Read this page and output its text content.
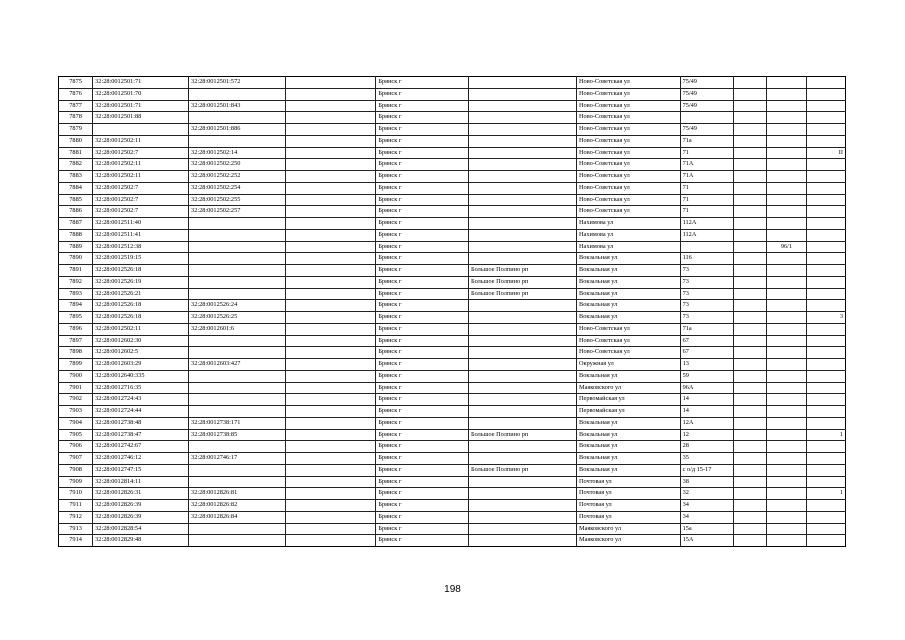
7875	32:28:0012501:71	32:28:0012501:572		Брянск г		Ново-Советская ул	75/49			
7876	32:28:0012501:70			Брянск г		Ново-Советская ул	75/49			
7877	32:28:0012501:71	32:28:0012501:843		Брянск г		Ново-Советская ул	75/49			
7878	32:28:0012501:88			Брянск г		Ново-Советская ул				
7879		32:28:0012501:886		Брянск г		Ново-Советская ул	75/49			
7880	32:28:0012502:11			Брянск г		Ново-Советская ул	71а			
7881	32:28:0012502:7	32:28:0012502:14		Брянск г		Ново-Советская ул	71			II
7882	32:28:0012502:11	32:28:0012502:250		Брянск г		Ново-Советская ул	71А			
7883	32:28:0012502:11	32:28:0012502:252		Брянск г		Ново-Советская ул	71А			
7884	32:28:0012502:7	32:28:0012502:254		Брянск г		Ново-Советская ул	71			
7885	32:28:0012502:7	32:28:0012502:255		Брянск г		Ново-Советская ул	71			
7886	32:28:0012502:7	32:28:0012502:257		Брянск г		Ново-Советская ул	71			
7887	32:28:0012511:40			Брянск г		Нахимова ул	112А			
7888	32:28:0012511:41			Брянск г		Нахимова ул	112А			
7889	32:28:0012512:38			Брянск г		Нахимова ул			96/1	
7890	32:28:0012519:15			Брянск г		Вокзальная ул	116			
7891	32:28:0012526:18			Брянск г	Большое Полпино рп	Вокзальная ул	73			
7892	32:28:0012526:19			Брянск г	Большое Полпино рп	Вокзальная ул	73			
7893	32:28:0012526:21			Брянск г	Большое Полпино рп	Вокзальная ул	73			
7894	32:28:0012526:18	32:28:0012526:24		Брянск г		Вокзальная ул	73			
7895	32:28:0012526:18	32:28:0012526:25		Брянск г		Вокзальная ул	73			3
7896	32:28:0012502:11	32:28:0012601:6		Брянск г		Ново-Советская ул	71а			
7897	32:28:0012602:30			Брянск г		Ново-Советская ул	67			
7898	32:28:0012602:5			Брянск г		Ново-Советская ул	67			
7899	32:28:0012603:29	32:28:0012603:427		Брянск г		Окружная ул	13			
7900	32:28:0012640:335			Брянск г		Вокзальная ул	59			
7901	32:28:0012716:35			Брянск г		Маяковского ул	96А			
7902	32:28:0012724:43			Брянск г		Первомайская ул	14			
7903	32:28:0012724:44			Брянск г		Первомайская ул	14			
7904	32:28:0012738:48	32:28:0012738:171		Брянск г		Вокзальная ул	12А			
7905	32:28:0012738:47	32:28:0012738:85		Брянск г	Большое Полпино рп	Вокзальная ул	12			1
7906	32:28:0012742:67			Брянск г		Вокзальная ул	28			
7907	32:28:0012746:12	32:28:0012746:17		Брянск г		Вокзальная ул	35			
7908	32:28:0012747:15			Брянск г	Большое Полпино рп	Вокзальная ул	с о/д 15-17			
7909	32:28:0012814:11			Брянск г		Почтовая ул	38			
7910	32:28:0012826:31	32:28:0012826:81		Брянск г		Почтовая ул	32			1
7911	32:28:0012826:39	32:28:0012826:82		Брянск г		Почтовая ул	34			
7912	32:28:0012826:39	32:28:0012826:84		Брянск г		Почтовая ул	34			
7913	32:28:0012828:54			Брянск г		Маяковского ул	15а			
7914	32:28:0012829:48			Брянск г		Маяковского ул	15А			
198
